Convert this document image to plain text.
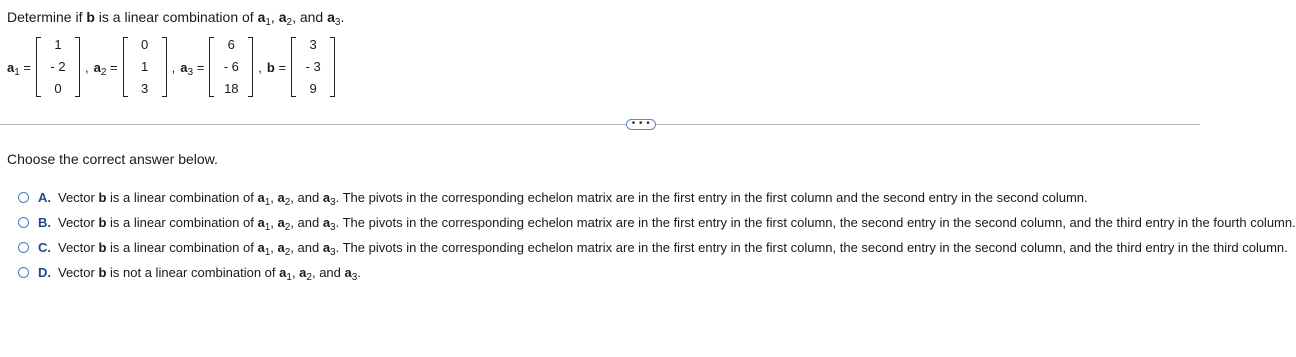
Determine if b is a linear combination of $a_1$, $a_2$, and $a_3$.
$a_1$ =
1
- 2
0
, $a_2$ =
0
1
3
, $a_3$ =
6
- 6
18
, b =
3
- 3
9
• • •
Choose the correct answer below.
A. Vector b is a linear combination of $a_1$, $a_2$, and $a_3$. The pivots in the corresponding echelon matrix are in the first entry in the first column and the second entry in the second column.
B. Vector b is a linear combination of $a_1$, $a_2$, and $a_3$. The pivots in the corresponding echelon matrix are in the first entry in the first column, the second entry in the second column, and the third entry in the fourth column.
C. Vector b is a linear combination of $a_1$, $a_2$, and $a_3$. The pivots in the corresponding echelon matrix are in the first entry in the first column, the second entry in the second column, and the third entry in the third column.
D. Vector b is not a linear combination of $a_1$, $a_2$, and $a_3$.
